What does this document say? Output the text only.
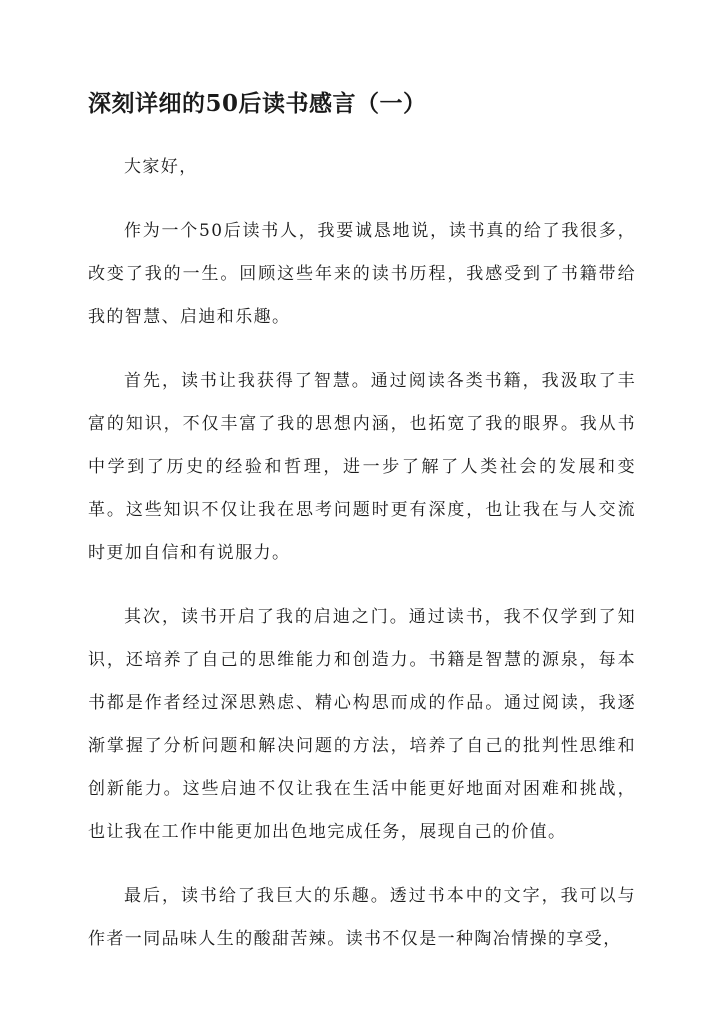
深刻详细的50后读书感言（一）

大家好，

作为一个50后读书人，我要诚恳地说，读书真的给了我很多，改变了我的一生。回顾这些年来的读书历程，我感受到了书籍带给我的智慧、启迪和乐趣。

首先，读书让我获得了智慧。通过阅读各类书籍，我汲取了丰富的知识，不仅丰富了我的思想内涵，也拓宽了我的眼界。我从书中学到了历史的经验和哲理，进一步了解了人类社会的发展和变革。这些知识不仅让我在思考问题时更有深度，也让我在与人交流时更加自信和有说服力。

其次，读书开启了我的启迪之门。通过读书，我不仅学到了知识，还培养了自己的思维能力和创造力。书籍是智慧的源泉，每本书都是作者经过深思熟虑、精心构思而成的作品。通过阅读，我逐渐掌握了分析问题和解决问题的方法，培养了自己的批判性思维和创新能力。这些启迪不仅让我在生活中能更好地面对困难和挑战，也让我在工作中能更加出色地完成任务，展现自己的价值。

最后，读书给了我巨大的乐趣。透过书本中的文字，我可以与作者一同品味人生的酸甜苦辣。读书不仅是一种陶冶情操的享受，
